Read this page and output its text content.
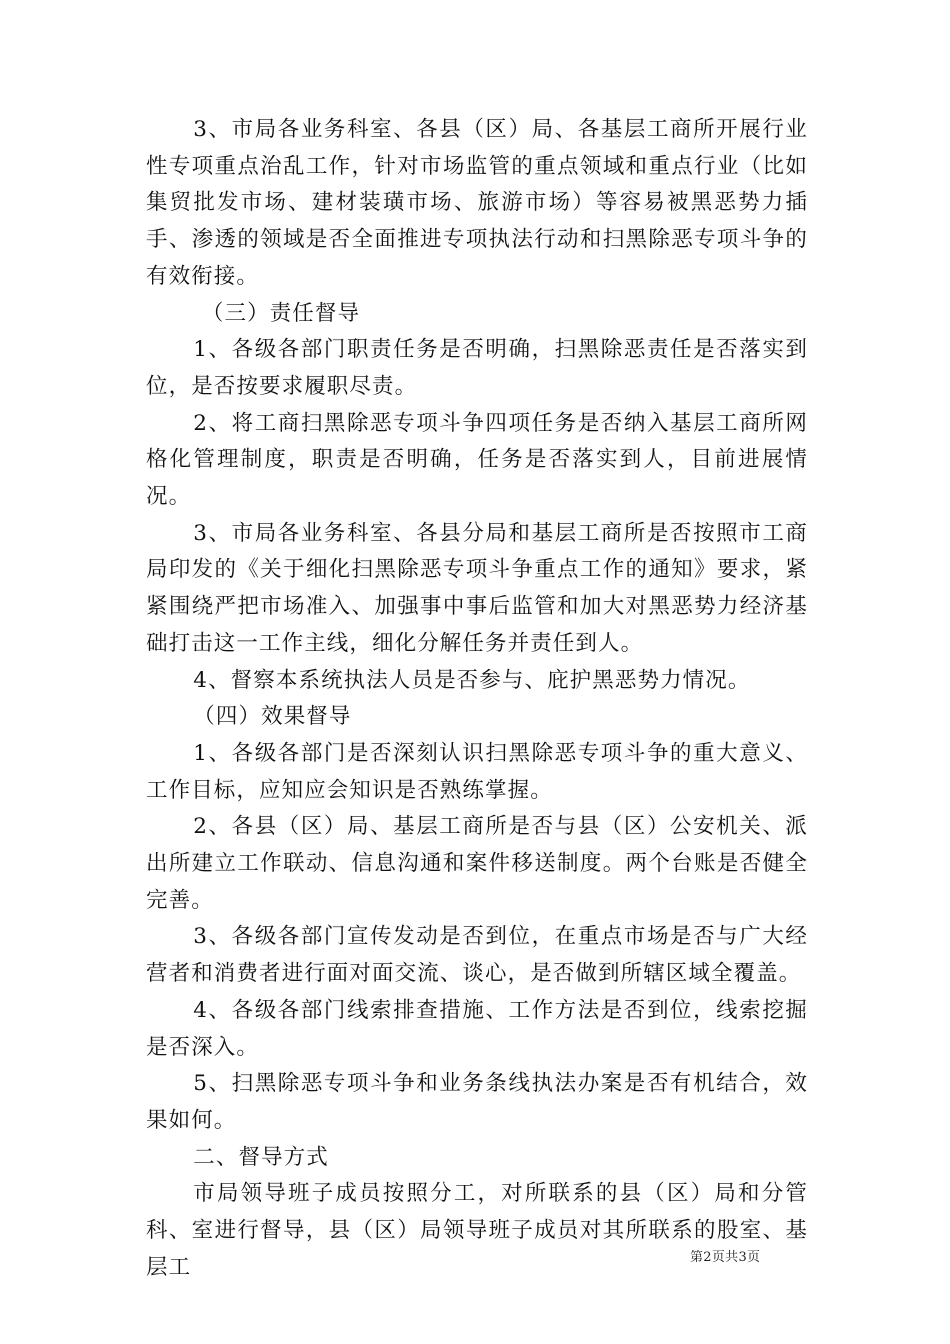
3、市局各业务科室、各县（区）局、各基层工商所开展行业性专项重点治乱工作，针对市场监管的重点领域和重点行业（比如集贸批发市场、建材装璜市场、旅游市场）等容易被黑恶势力插手、渗透的领域是否全面推进专项执法行动和扫黑除恶专项斗争的有效衔接。

（三）责任督导

1、各级各部门职责任务是否明确，扫黑除恶责任是否落实到位，是否按要求履职尽责。

2、将工商扫黑除恶专项斗争四项任务是否纳入基层工商所网格化管理制度，职责是否明确，任务是否落实到人，目前进展情况。

3、市局各业务科室、各县分局和基层工商所是否按照市工商局印发的《关于细化扫黑除恶专项斗争重点工作的通知》要求，紧紧围绕严把市场准入、加强事中事后监管和加大对黑恶势力经济基础打击这一工作主线，细化分解任务并责任到人。

4、督察本系统执法人员是否参与、庇护黑恶势力情况。

（四）效果督导

1、各级各部门是否深刻认识扫黑除恶专项斗争的重大意义、工作目标，应知应会知识是否熟练掌握。

2、各县（区）局、基层工商所是否与县（区）公安机关、派出所建立工作联动、信息沟通和案件移送制度。两个台账是否健全完善。

3、各级各部门宣传发动是否到位，在重点市场是否与广大经营者和消费者进行面对面交流、谈心，是否做到所辖区域全覆盖。

4、各级各部门线索排查措施、工作方法是否到位，线索挖掘是否深入。

5、扫黑除恶专项斗争和业务条线执法办案是否有机结合，效果如何。

二、督导方式

市局领导班子成员按照分工，对所联系的县（区）局和分管科、室进行督导，县（区）局领导班子成员对其所联系的股室、基层工	第2页共3页
